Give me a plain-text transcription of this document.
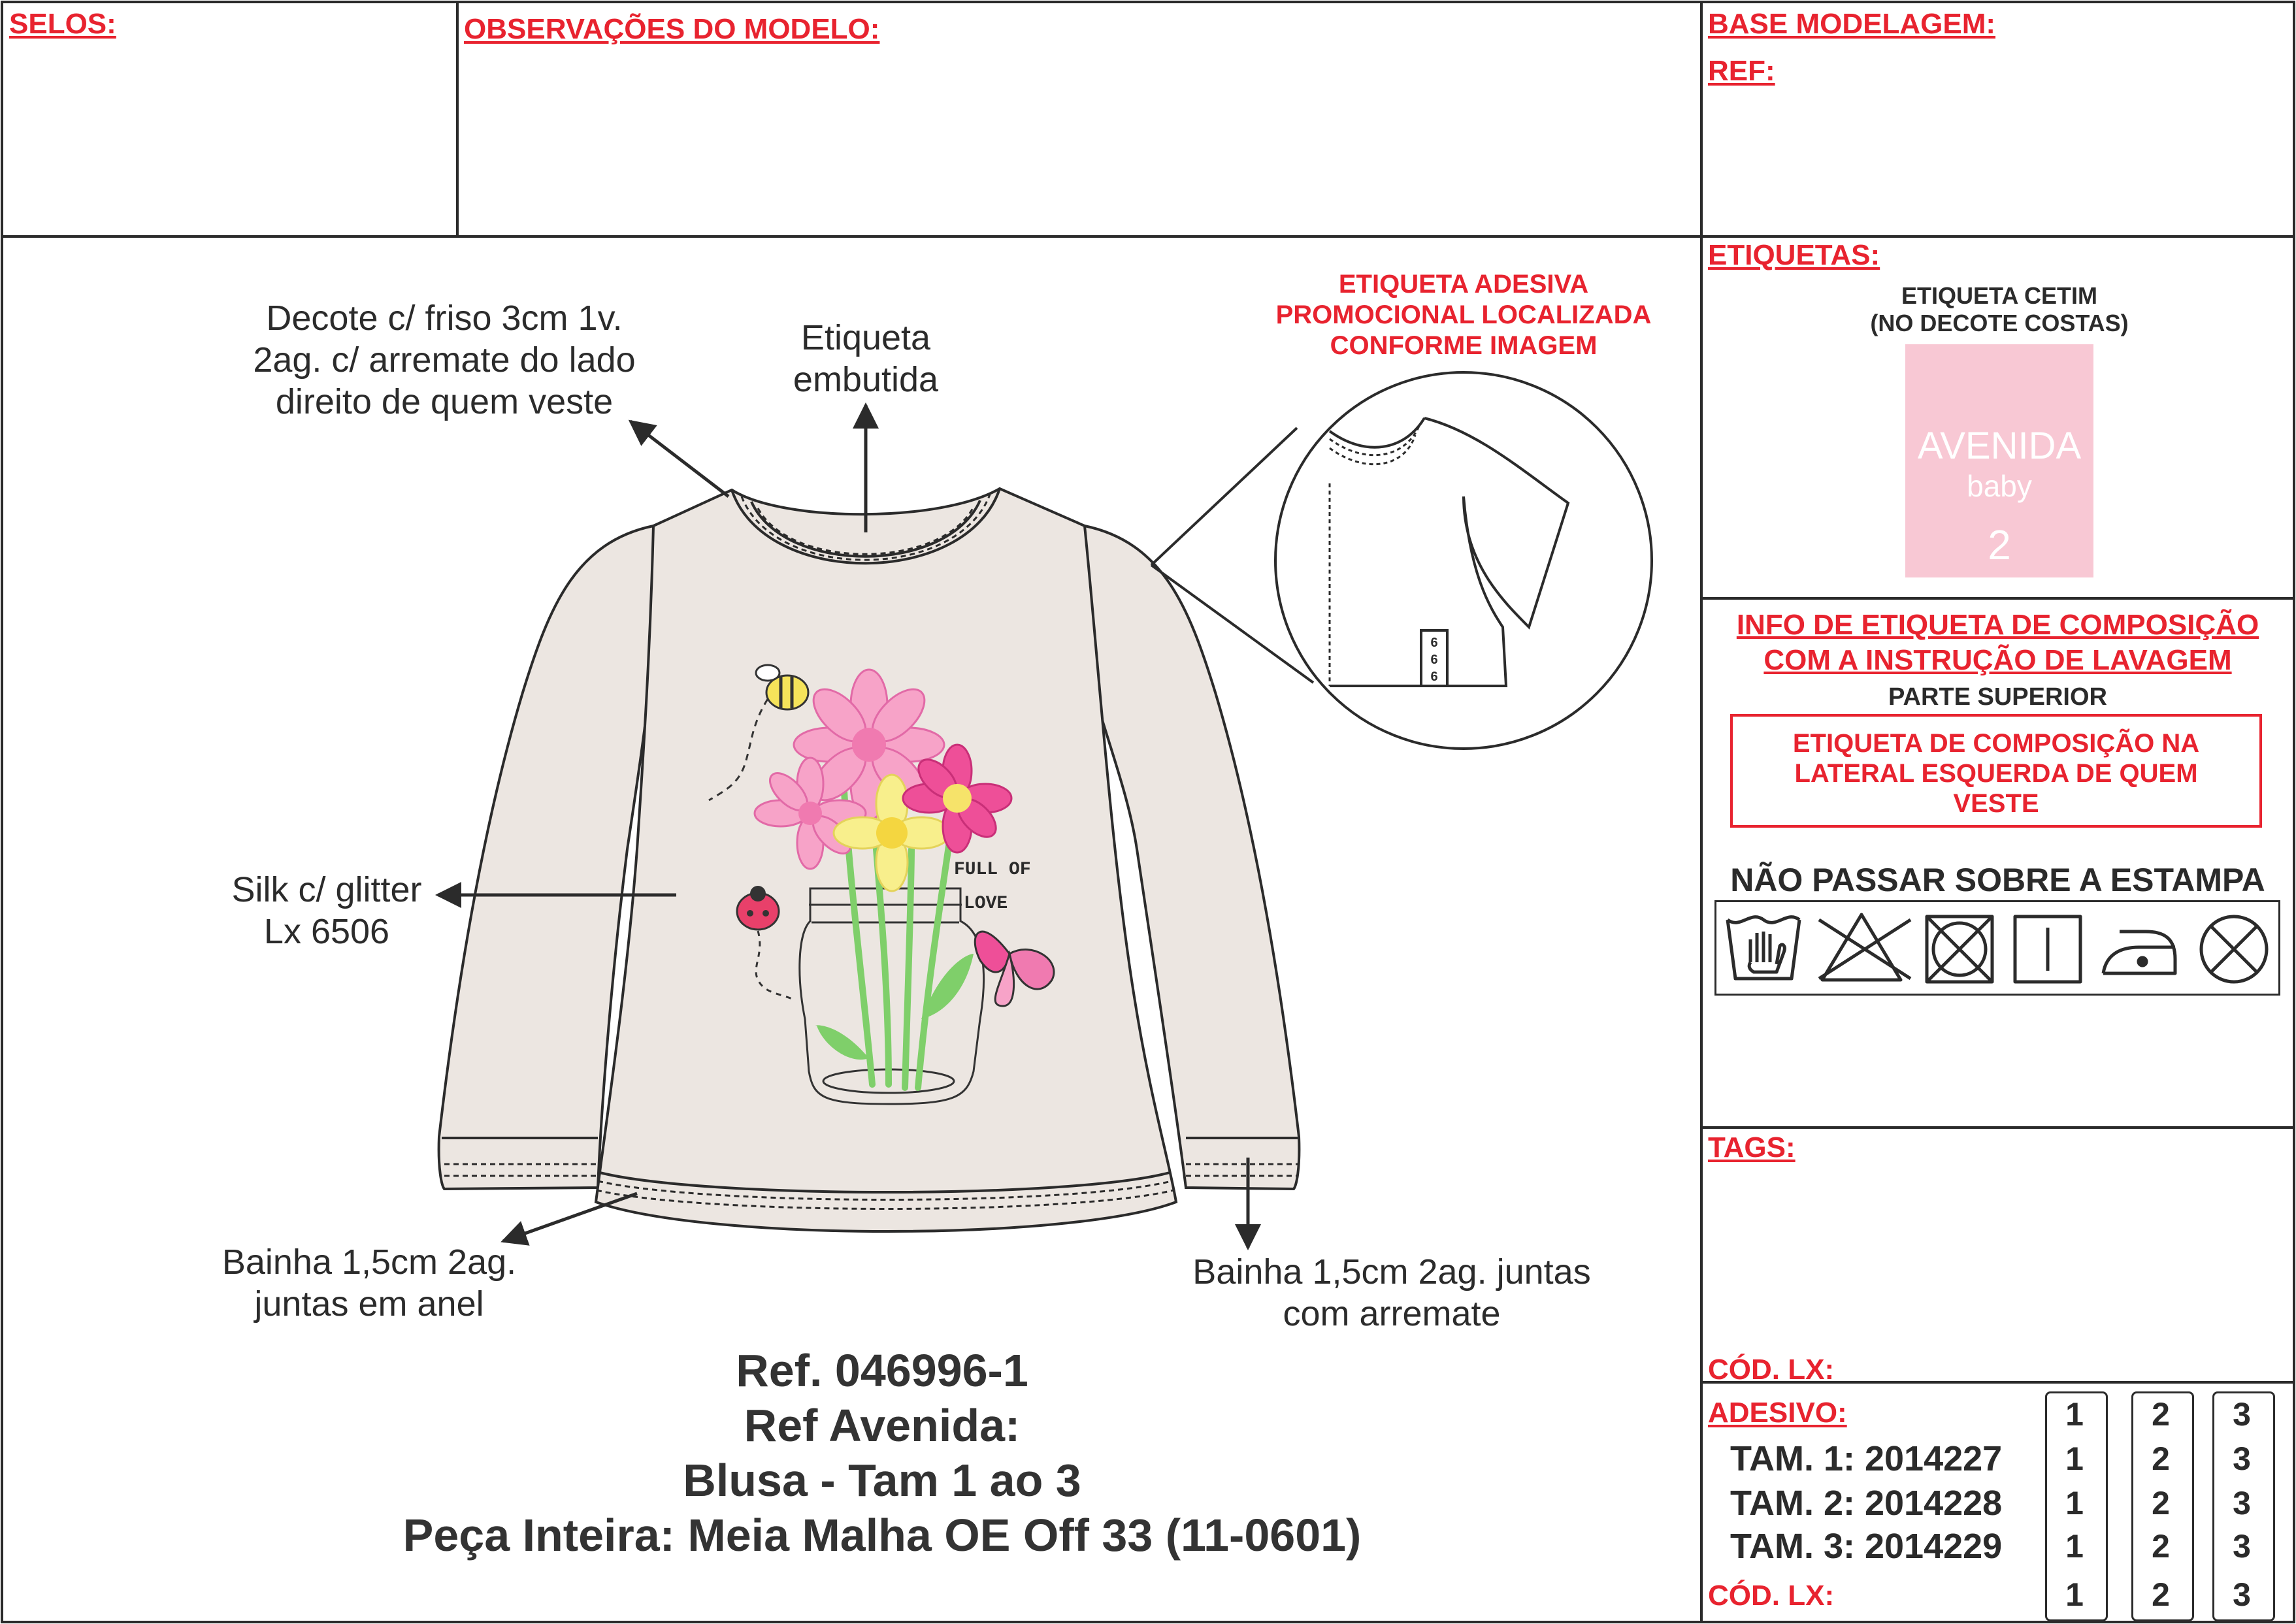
SELOS:	OBSERVAÇÕES DO MODELO:	BASE MODELAGEM:
REF:
FULL OF
LOVE
6 6 6
Decote c/ friso 3cm 1v.
2ag. c/ arremate do lado
direito de quem veste
Etiqueta
embutida
Silk c/ glitter
Lx 6506
Bainha 1,5cm 2ag.
juntas em anel
Bainha 1,5cm 2ag. juntas
com arremate
ETIQUETA ADESIVA
PROMOCIONAL LOCALIZADA
CONFORME IMAGEM
Ref. 046996-1
Ref Avenida:
Blusa - Tam 1 ao 3
Peça Inteira: Meia Malha OE Off 33 (11-0601)
ETIQUETAS:
ETIQUETA CETIM
(NO DECOTE COSTAS)
AVENIDA
baby
2
INFO DE ETIQUETA DE COMPOSIÇÃO
COM A INSTRUÇÃO DE LAVAGEM
PARTE SUPERIOR
ETIQUETA DE COMPOSIÇÃO NA
LATERAL ESQUERDA DE QUEM
VESTE
NÃO PASSAR SOBRE A ESTAMPA
TAGS:
CÓD. LX:
ADESIVO:
TAM. 1: 2014227
TAM. 2: 2014228
TAM. 3: 2014229
CÓD. LX:
1
1
1
1
1
2
2
2
2
2
3
3
3
3
3
